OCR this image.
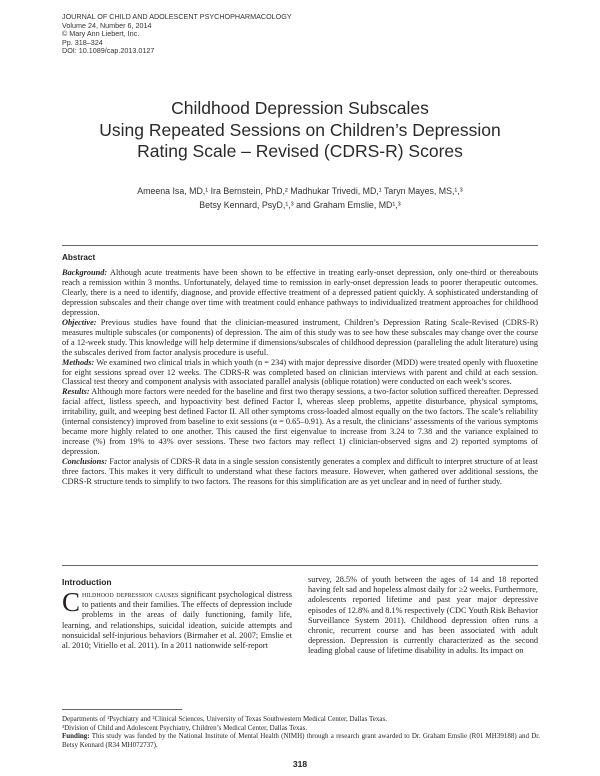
JOURNAL OF CHILD AND ADOLESCENT PSYCHOPHARMACOLOGY
Volume 24, Number 6, 2014
© Mary Ann Liebert, Inc.
Pp. 318–324
DOI: 10.1089/cap.2013.0127
Childhood Depression Subscales
Using Repeated Sessions on Children’s Depression
Rating Scale – Revised (CDRS-R) Scores
Ameena Isa, MD,¹ Ira Bernstein, PhD,² Madhukar Trivedi, MD,¹ Taryn Mayes, MS,¹,³
Betsy Kennard, PsyD,¹,³ and Graham Emslie, MD¹,³
Abstract

Background: Although acute treatments have been shown to be effective in treating early-onset depression, only one-third or thereabouts reach a remission within 3 months. Unfortunately, delayed time to remission in early-onset depression leads to poorer therapeutic outcomes. Clearly, there is a need to identify, diagnose, and provide effective treatment of a depressed patient quickly. A sophisticated understanding of depression subscales and their change over time with treatment could enhance pathways to individualized treatment approaches for childhood depression.

Objective: Previous studies have found that the clinician-measured instrument, Children’s Depression Rating Scale-Revised (CDRS-R) measures multiple subscales (or components) of depression. The aim of this study was to see how these subscales may change over the course of a 12-week study. This knowledge will help determine if dimensions/subscales of childhood depression (paralleling the adult literature) using the subscales derived from factor analysis procedure is useful.

Methods: We examined two clinical trials in which youth (n = 234) with major depressive disorder (MDD) were treated openly with fluoxetine for eight sessions spread over 12 weeks. The CDRS-R was completed based on clinician interviews with parent and child at each session. Classical test theory and component analysis with associated parallel analysis (oblique rotation) were conducted on each week’s scores.

Results: Although more factors were needed for the baseline and first two therapy sessions, a two-factor solution sufficed thereafter. Depressed facial affect, listless speech, and hypoactivity best defined Factor I, whereas sleep problems, appetite disturbance, physical symptoms, irritability, guilt, and weeping best defined Factor II. All other symptoms cross-loaded almost equally on the two factors. The scale’s reliability (internal consistency) improved from baseline to exit sessions (α = 0.65–0.91). As a result, the clinicians’ assessments of the various symptoms became more highly related to one another. This caused the first eigenvalue to increase from 3.24 to 7.38 and the variance explained to increase (%) from 19% to 43% over sessions. These two factors may reflect 1) clinician-observed signs and 2) reported symptoms of depression.

Conclusions: Factor analysis of CDRS-R data in a single session consistently generates a complex and difficult to interpret structure of at least three factors. This makes it very difficult to understand what these factors measure. However, when gathered over additional sessions, the CDRS-R structure tends to simplify to two factors. The reasons for this simplification are as yet unclear and in need of further study.

Introduction

Childhood depression causes significant psychological distress to patients and their families. The effects of depression include problems in the areas of daily functioning, family life, learning, and relationships, suicidal ideation, suicide attempts and nonsuicidal self-injurious behaviors (Birmaher et al. 2007; Emslie et al. 2010; Vitiello et al. 2011). In a 2011 nationwide self-report

survey, 28.5% of youth between the ages of 14 and 18 reported having felt sad and hopeless almost daily for ≥2 weeks. Furthermore, adolescents reported lifetime and past year major depressive episodes of 12.8% and 8.1% respectively (CDC Youth Risk Behavior Surveillance System 2011). Childhood depression often runs a chronic, recurrent course and has been associated with adult depression. Depression is currently characterized as the second leading global cause of lifetime disability in adults. Its impact on

Departments of ¹Psychiatry and ²Clinical Sciences, University of Texas Southwestern Medical Center, Dallas Texas.

³Division of Child and Adolescent Psychiatry, Children’s Medical Center, Dallas Texas.

Funding: This study was funded by the National Institute of Mental Health (NIMH) through a research grant awarded to Dr. Graham Emslie (R01 MH39188) and Dr. Betsy Kennard (R34 MH072737).

318
